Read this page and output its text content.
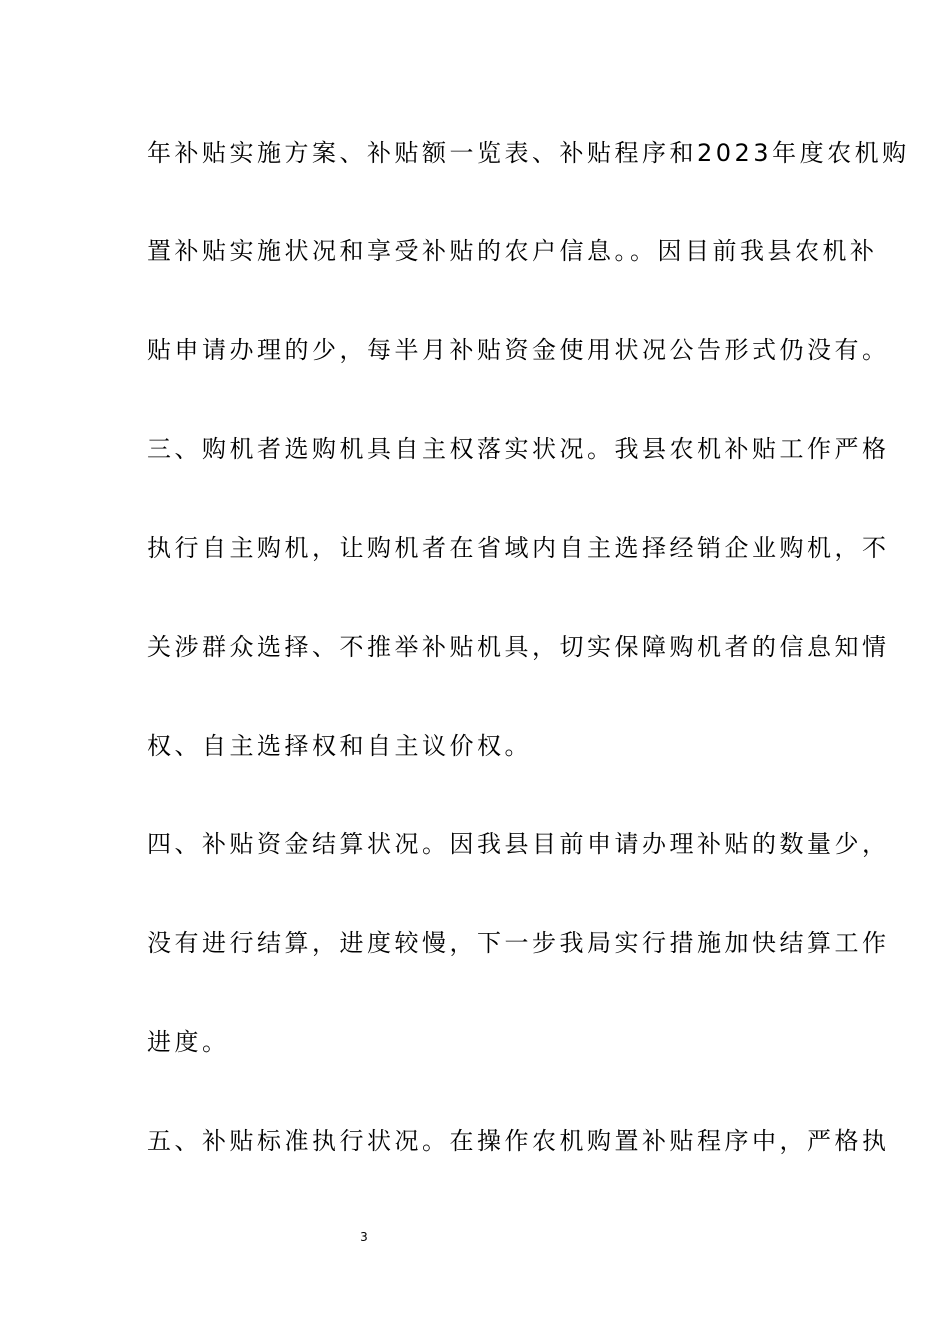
年补贴实施方案、补贴额一览表、补贴程序和2023年度农机购
置补贴实施状况和享受补贴的农户信息。。因目前我县农机补
贴申请办理的少，每半月补贴资金使用状况公告形式仍没有。
三、购机者选购机具自主权落实状况。我县农机补贴工作严格
执行自主购机，让购机者在省域内自主选择经销企业购机，不
关涉群众选择、不推举补贴机具，切实保障购机者的信息知情
权、自主选择权和自主议价权。
四、补贴资金结算状况。因我县目前申请办理补贴的数量少，
没有进行结算，进度较慢，下一步我局实行措施加快结算工作
进度。
五、补贴标准执行状况。在操作农机购置补贴程序中，严格执
3
